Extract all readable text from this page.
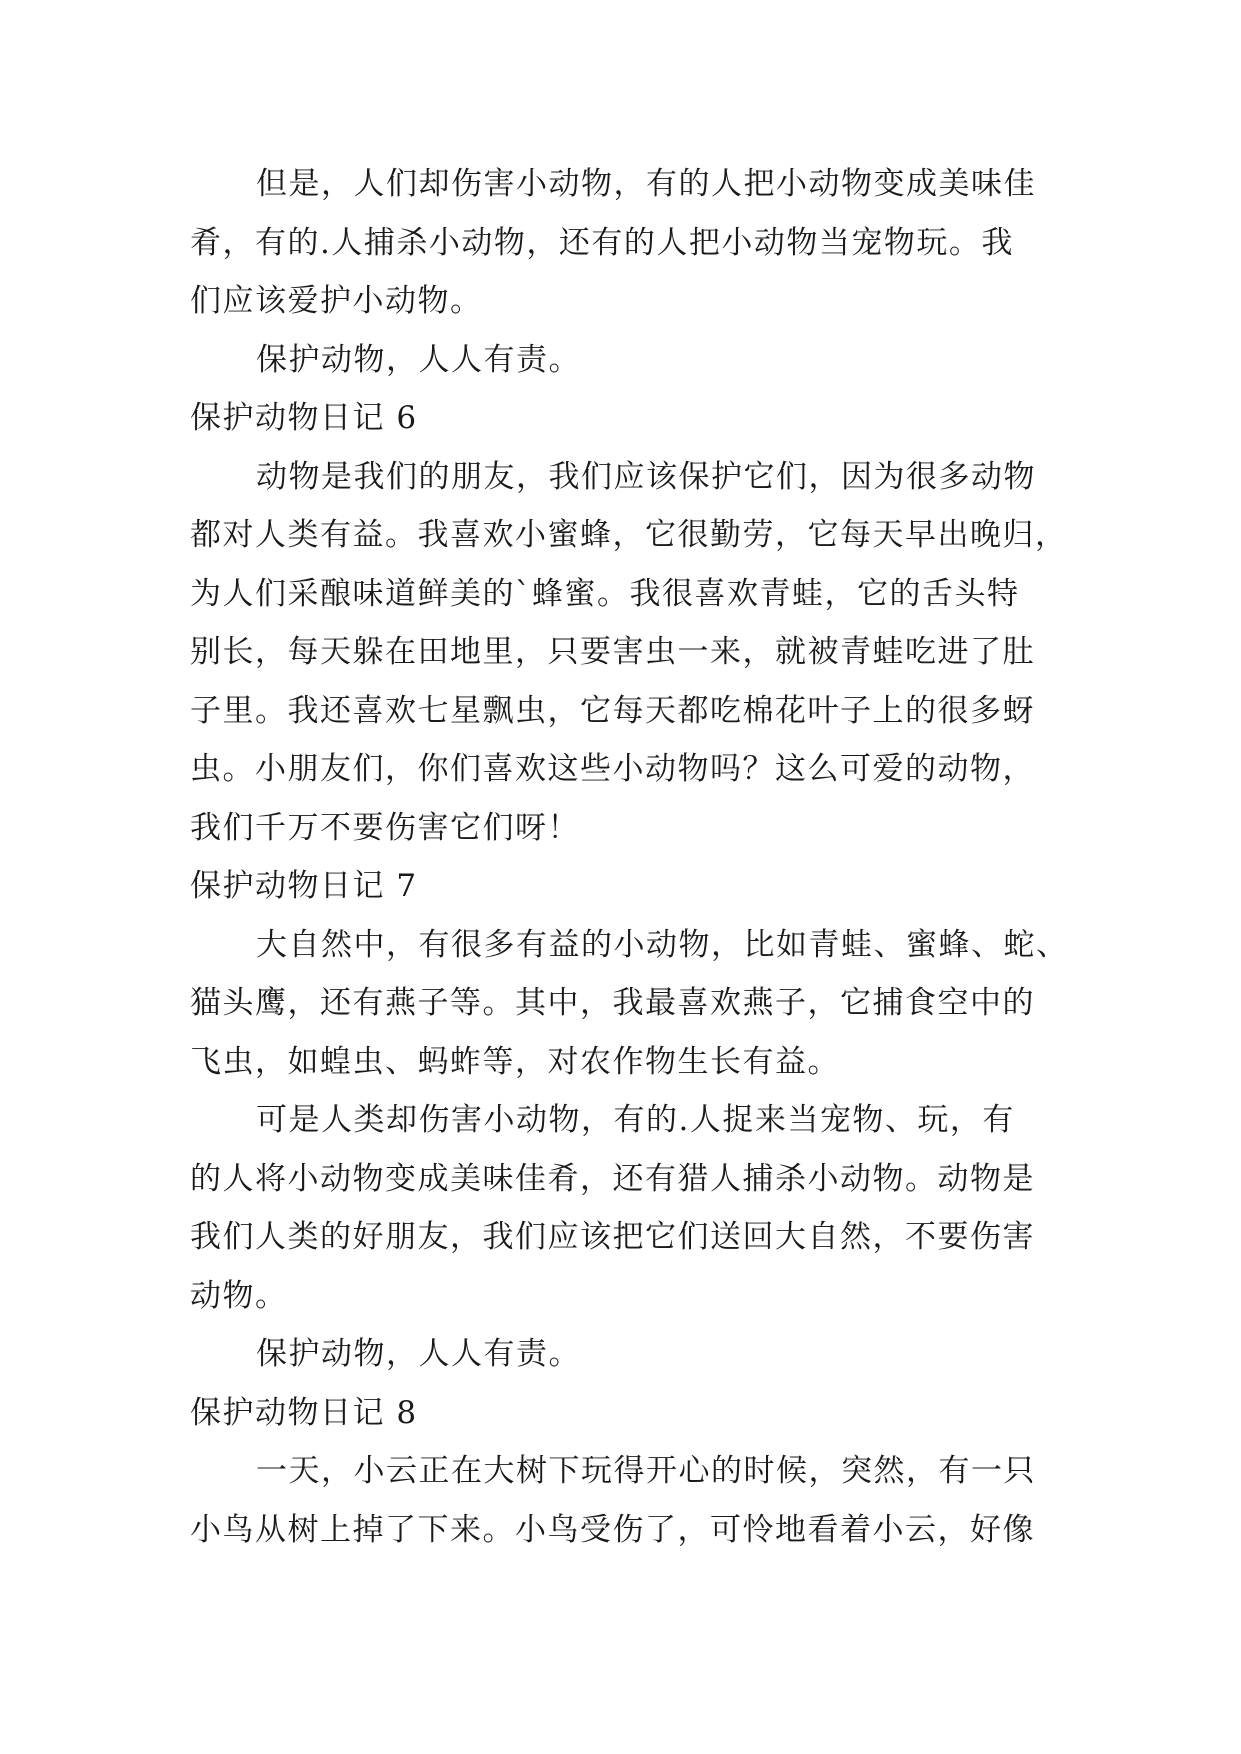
但是，人们却伤害小动物，有的人把小动物变成美味佳
肴，有的.人捕杀小动物，还有的人把小动物当宠物玩。我
们应该爱护小动物。
保护动物，人人有责。
保护动物日记 6
动物是我们的朋友，我们应该保护它们，因为很多动物
都对人类有益。我喜欢小蜜蜂，它很勤劳，它每天早出晚归，
为人们采酿味道鲜美的`蜂蜜。我很喜欢青蛙，它的舌头特
别长，每天躲在田地里，只要害虫一来，就被青蛙吃进了肚
子里。我还喜欢七星飘虫，它每天都吃棉花叶子上的很多蚜
虫。小朋友们，你们喜欢这些小动物吗？这么可爱的动物，
我们千万不要伤害它们呀！
保护动物日记 7
大自然中，有很多有益的小动物，比如青蛙、蜜蜂、蛇、
猫头鹰，还有燕子等。其中，我最喜欢燕子，它捕食空中的
飞虫，如蝗虫、蚂蚱等，对农作物生长有益。
可是人类却伤害小动物，有的.人捉来当宠物、玩，有
的人将小动物变成美味佳肴，还有猎人捕杀小动物。动物是
我们人类的好朋友，我们应该把它们送回大自然，不要伤害
动物。
保护动物，人人有责。
保护动物日记 8
一天，小云正在大树下玩得开心的时候，突然，有一只
小鸟从树上掉了下来。小鸟受伤了，可怜地看着小云，好像
